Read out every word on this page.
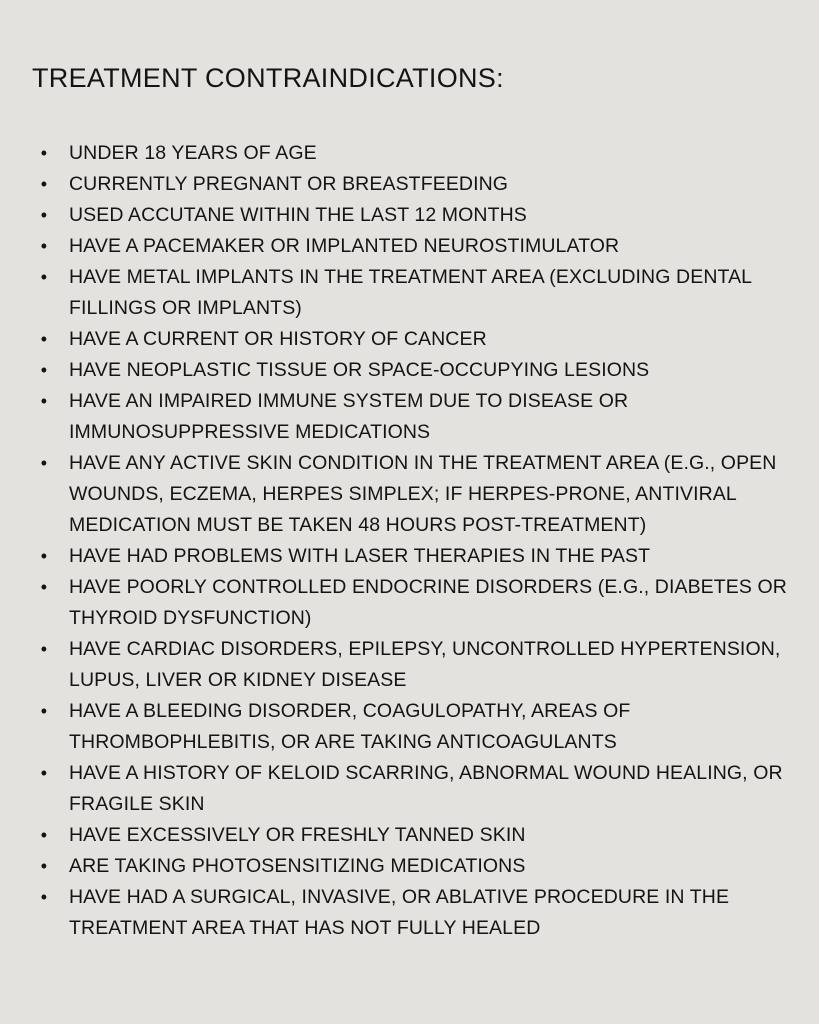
TREATMENT CONTRAINDICATIONS:
•	UNDER 18 YEARS OF AGE
•	CURRENTLY PREGNANT OR BREASTFEEDING
•	USED ACCUTANE WITHIN THE LAST 12 MONTHS
•	HAVE A PACEMAKER OR IMPLANTED NEUROSTIMULATOR
•	HAVE METAL IMPLANTS IN THE TREATMENT AREA (EXCLUDING DENTAL FILLINGS OR IMPLANTS)
•	HAVE A CURRENT OR HISTORY OF CANCER
•	HAVE NEOPLASTIC TISSUE OR SPACE-OCCUPYING LESIONS
•	HAVE AN IMPAIRED IMMUNE SYSTEM DUE TO DISEASE OR IMMUNOSUPPRESSIVE MEDICATIONS
•	HAVE ANY ACTIVE SKIN CONDITION IN THE TREATMENT AREA (E.G., OPEN WOUNDS, ECZEMA, HERPES SIMPLEX; IF HERPES-PRONE, ANTIVIRAL MEDICATION MUST BE TAKEN 48 HOURS POST-TREATMENT)
•	HAVE HAD PROBLEMS WITH LASER THERAPIES IN THE PAST
•	HAVE POORLY CONTROLLED ENDOCRINE DISORDERS (E.G., DIABETES OR THYROID DYSFUNCTION)
•	HAVE CARDIAC DISORDERS, EPILEPSY, UNCONTROLLED HYPERTENSION, LUPUS, LIVER OR KIDNEY DISEASE
•	HAVE A BLEEDING DISORDER, COAGULOPATHY, AREAS OF THROMBOPHLEBITIS, OR ARE TAKING ANTICOAGULANTS
•	HAVE A HISTORY OF KELOID SCARRING, ABNORMAL WOUND HEALING, OR FRAGILE SKIN
•	HAVE EXCESSIVELY OR FRESHLY TANNED SKIN
•	ARE TAKING PHOTOSENSITIZING MEDICATIONS
•	HAVE HAD A SURGICAL, INVASIVE, OR ABLATIVE PROCEDURE IN THE TREATMENT AREA THAT HAS NOT FULLY HEALED
